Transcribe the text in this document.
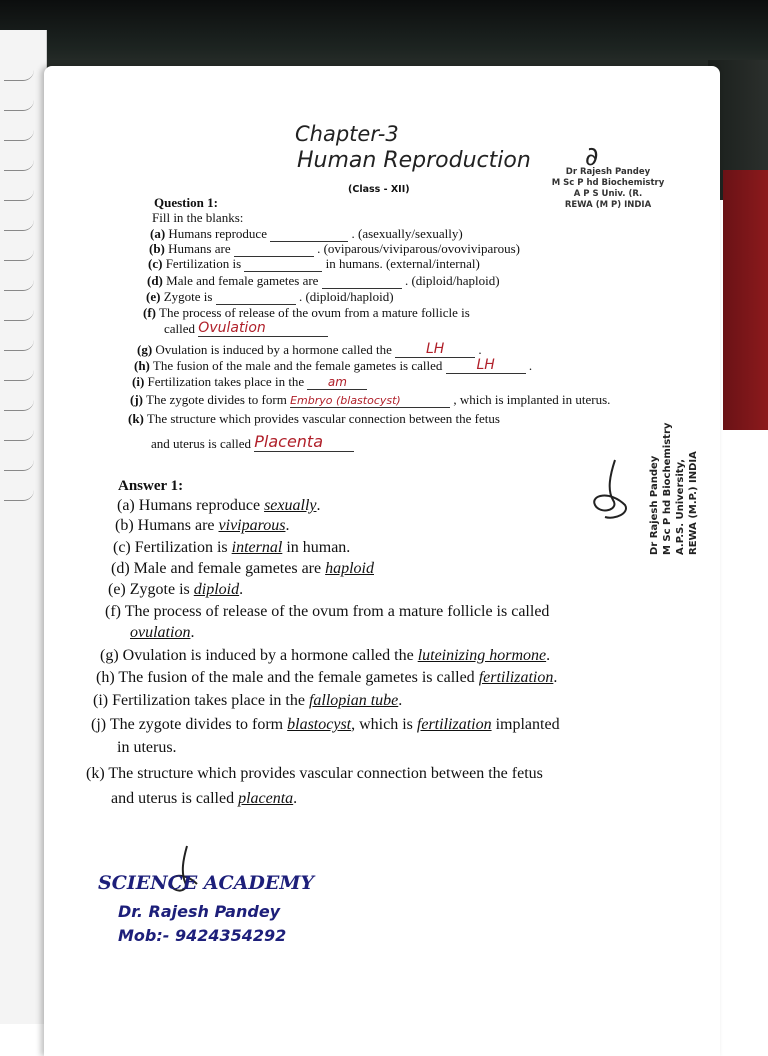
Chapter-3
Human Reproduction ∂
(Class - XII)
Dr Rajesh Pandey
M Sc P hd Biochemistry
A P S Univ. (R.
REWA (M P) INDIA
Question 1:
Fill in the blanks:
(a) Humans reproduce	. (asexually/sexually)
(b) Humans are	. (oviparous/viviparous/ovoviviparous)
(c) Fertilization is	in humans. (external/internal)
(d) Male and female gametes are	. (diploid/haploid)
(e) Zygote is	. (diploid/haploid)
(f) The process of release of the ovum from a mature follicle is
called Ovulation
(g) Ovulation is induced by a hormone called the LH	.
(h) The fusion of the male and the female gametes is called LH	.
(i) Fertilization takes place in the am
(j) The zygote divides to form Embryo (blastocyst)	, which is implanted in uterus.
(k) The structure which provides vascular connection between the fetus
and uterus is called Placenta
Dr Rajesh Pandey M Sc P hd Biochemistry A.P.S. University, REWA (M.P.) INDIA
Answer 1:
(a) Humans reproduce sexually.
(b) Humans are viviparous.
(c) Fertilization is internal in human.
(d) Male and female gametes are haploid
(e) Zygote is diploid.
(f) The process of release of the ovum from a mature follicle is called
ovulation.
(g) Ovulation is induced by a hormone called the luteinizing hormone.
(h) The fusion of the male and the female gametes is called fertilization.
(i) Fertilization takes place in the fallopian tube.
(j) The zygote divides to form blastocyst, which is fertilization implanted
in uterus.
(k) The structure which provides vascular connection between the fetus
and uterus is called placenta.
SCIENCE ACADEMY
Dr. Rajesh Pandey
Mob:- 9424354292
